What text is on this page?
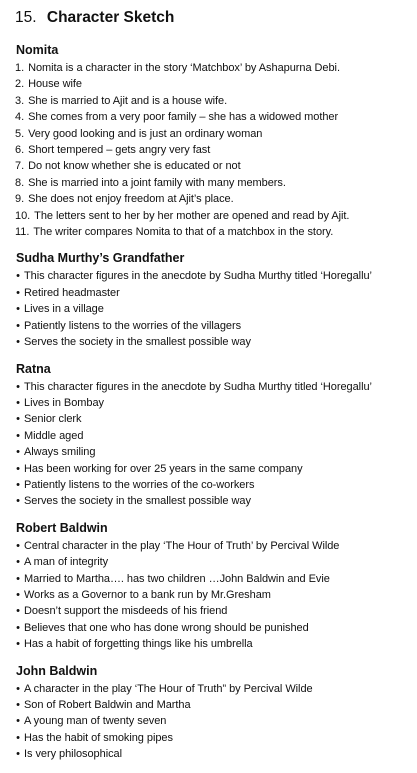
15. Character Sketch
Nomita
1. Nomita is a character in the story ‘Matchbox’ by Ashapurna Debi.
2. House wife
3. She is married to Ajit and is a house wife.
4. She comes from a very poor family – she has a widowed mother
5. Very good looking and is just an ordinary woman
6. Short tempered – gets angry very fast
7. Do not know whether she is educated or not
8. She is married into a joint family with many members.
9. She does not enjoy freedom at Ajit’s place.
10. The letters sent to her by her mother are opened and read by Ajit.
11. The writer compares Nomita to that of a matchbox in the story.
Sudha Murthy’s Grandfather
• This character figures in the anecdote by Sudha Murthy titled ‘Horegallu’
• Retired headmaster
• Lives in a village
• Patiently listens to the worries of the villagers
• Serves the society in the smallest possible way
Ratna
• This character figures in the anecdote by Sudha Murthy titled ‘Horegallu’
• Lives in Bombay
• Senior clerk
• Middle aged
• Always smiling
• Has been working for over 25 years in the same company
• Patiently listens to the worries of the co-workers
• Serves the society in the smallest possible way
Robert Baldwin
• Central character in the play ‘The Hour of Truth’ by Percival Wilde
• A man of integrity
• Married to Martha…. has two children …John Baldwin and Evie
• Works as a Governor to a bank run by Mr.Gresham
• Doesn’t support the misdeeds of his friend
• Believes that one who has done wrong should be punished
• Has a habit of forgetting things like his umbrella
John Baldwin
• A character in the play ‘The Hour of Truth” by Percival Wilde
• Son of Robert Baldwin and Martha
• A young man of twenty seven
• Has the habit of smoking pipes
• Is very philosophical
